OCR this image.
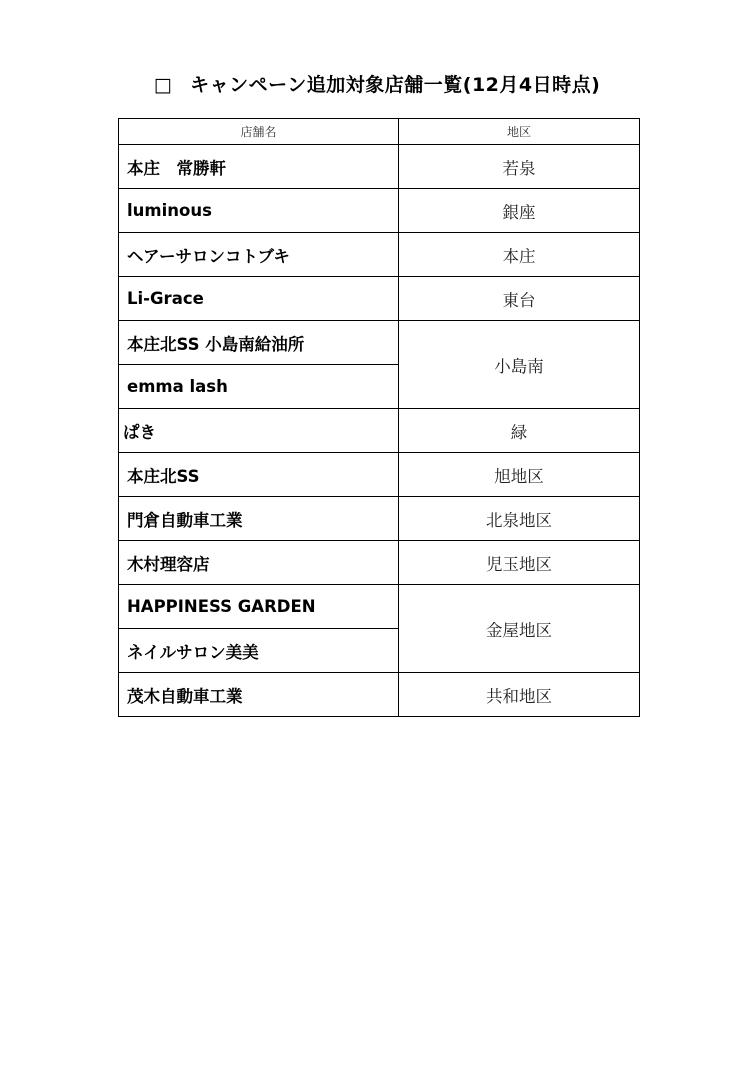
□ キャンペーン追加対象店舗一覧(12月4日時点)
店舗名	地区
本庄　常勝軒	若泉
luminous	銀座
ヘアーサロンコトブキ	本庄
Li-Grace	東台
本庄北SS 小島南給油所	小島南
emma lash	
ぱき	緑
本庄北SS	旭地区
門倉自動車工業	北泉地区
木村理容店	児玉地区
HAPPINESS GARDEN	金屋地区
ネイルサロン美美	
茂木自動車工業	共和地区
